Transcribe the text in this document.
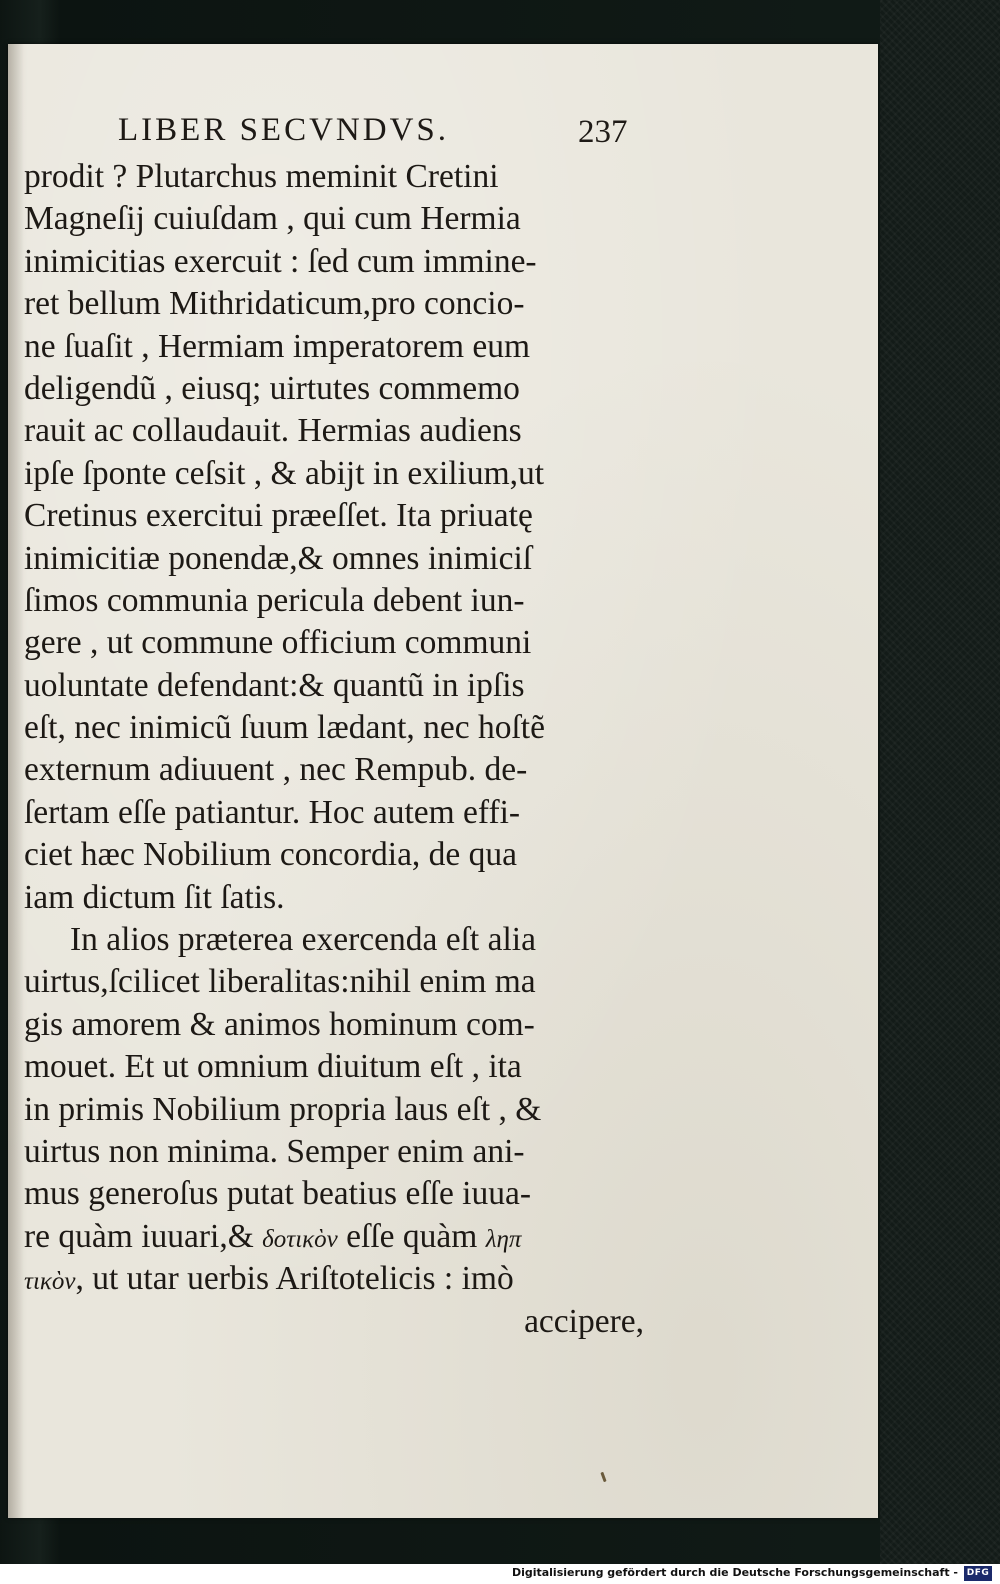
LIBER SECVNDVS.	237
prodit ? Plutarchus meminit Cretini
Magneſij cuiuſdam , qui cum Hermia
inimicitias exercuit : ſed cum immine-
ret bellum Mithridaticum,pro concio-
ne ſuaſit , Hermiam imperatorem eum
deligendũ , eiusq; uirtutes commemo
rauit ac collaudauit. Hermias audiens
ipſe ſponte ceſsit , & abijt in exilium,ut
Cretinus exercitui præeſſet. Ita priuatę
inimicitiæ ponendæ,& omnes inimiciſ
ſimos communia pericula debent iun-
gere , ut commune officium communi
uoluntate defendant:& quantũ in ipſis
eſt, nec inimicũ ſuum lædant, nec hoſtẽ
externum adiuuent , nec Rempub. de-
ſertam eſſe patiantur. Hoc autem effi-
ciet hæc Nobilium concordia, de qua
iam dictum ſit ſatis.
In alios præterea exercenda eſt alia
uirtus,ſcilicet liberalitas:nihil enim ma
gis amorem & animos hominum com-
mouet. Et ut omnium diuitum eſt , ita
in primis Nobilium propria laus eſt , &
uirtus non minima. Semper enim ani-
mus generoſus putat beatius eſſe iuua-
re quàm iuuari,& δοτικὸν eſſe quàm ληπ
τικὸν, ut utar uerbis Ariſtotelicis : imò
accipere,
Digitalisierung gefördert durch die Deutsche Forschungsgemeinschaft - DFG
